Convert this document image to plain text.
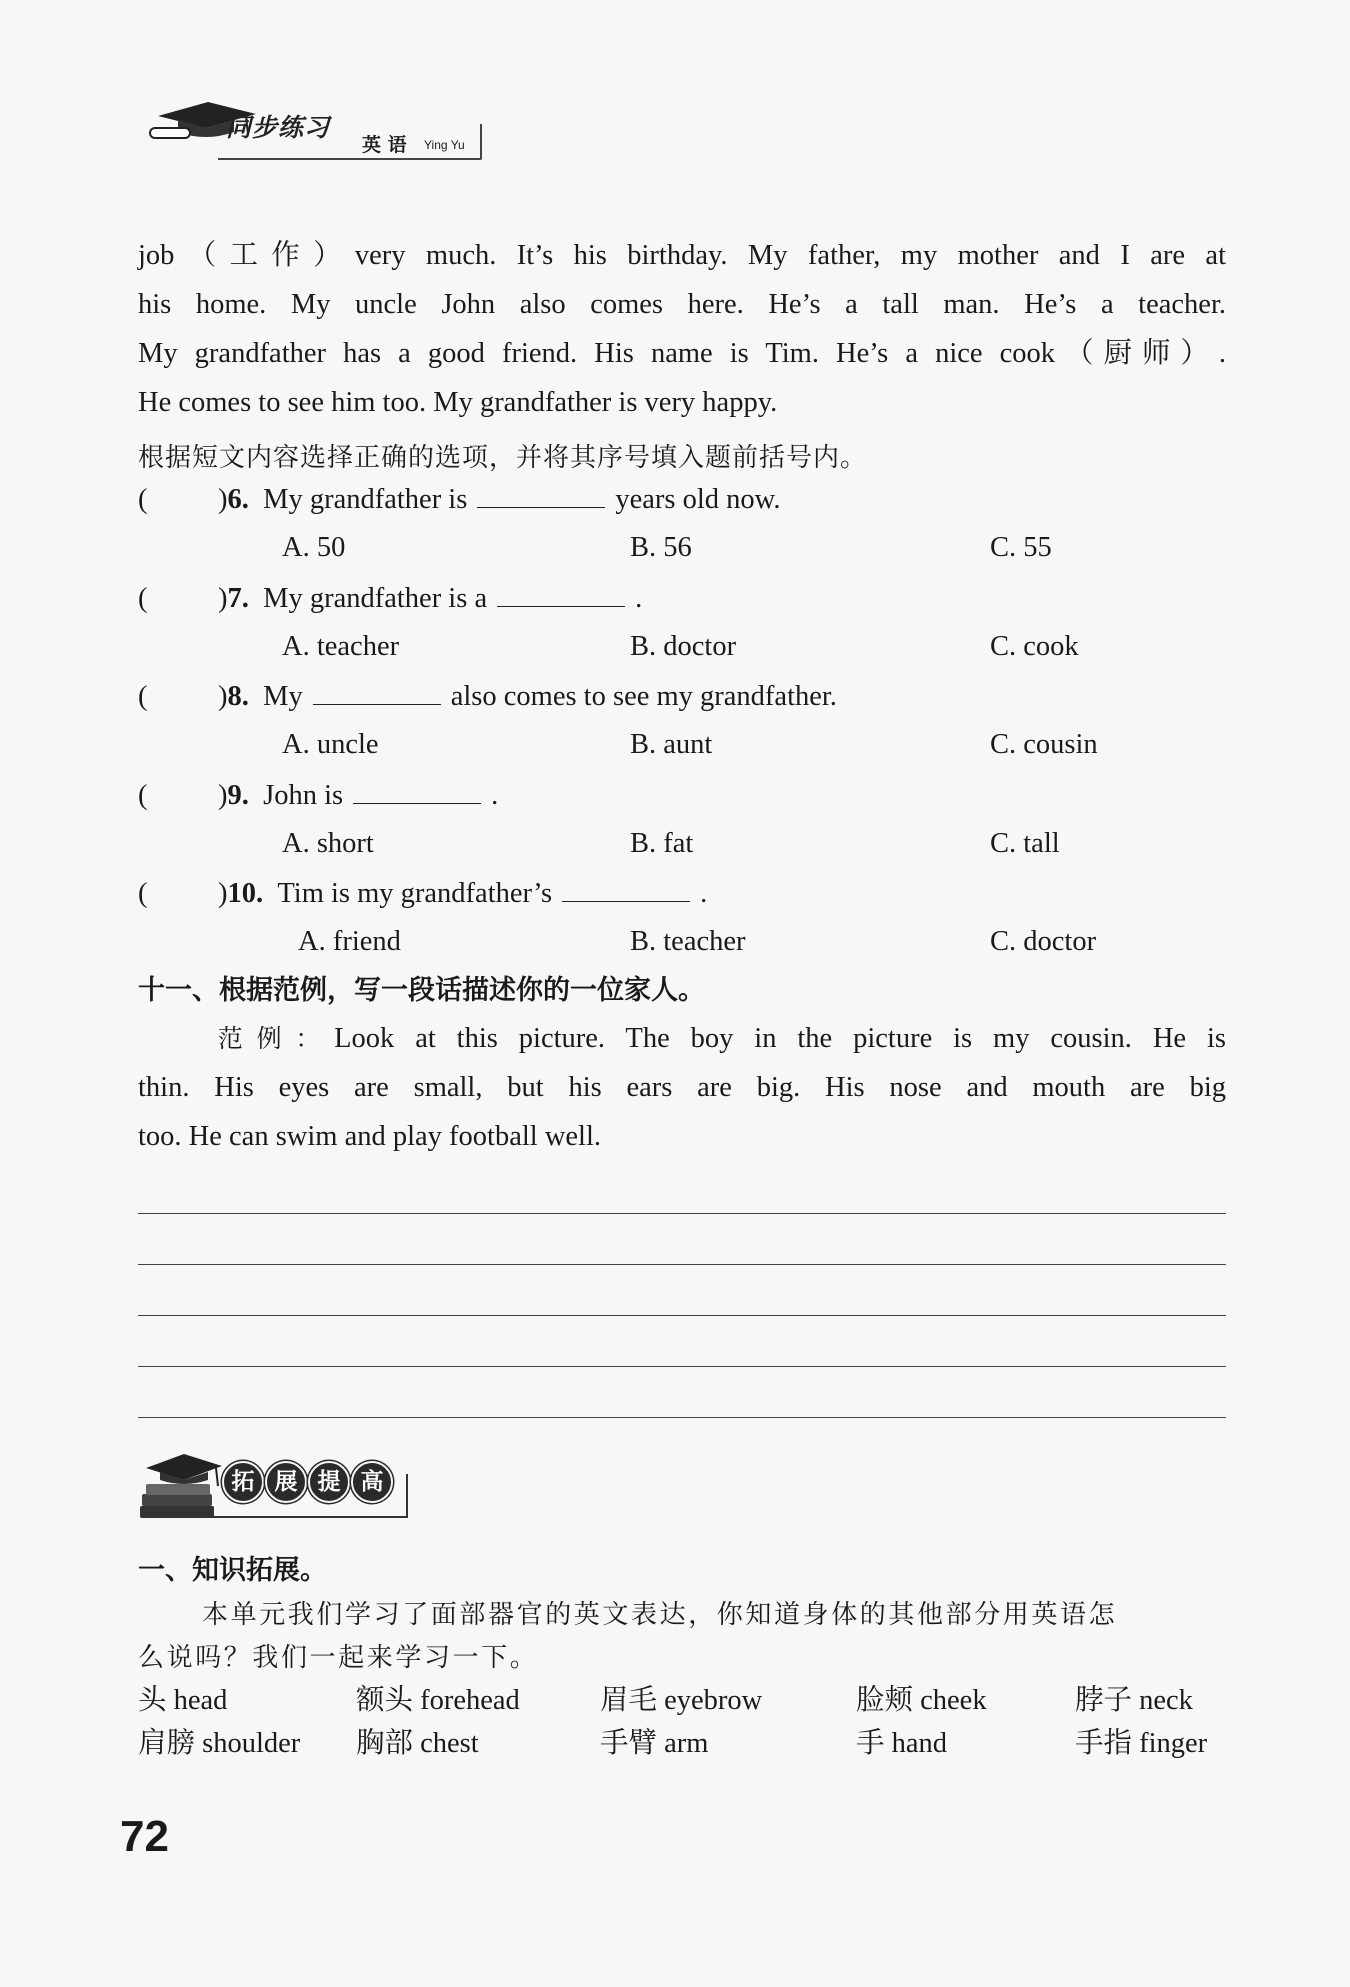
同步练习
英 语 Ying Yu
job（工作）very much. It’s his birthday. My father, my mother and I are at
his home. My uncle John also comes here. He’s a tall man. He’s a teacher.
My grandfather has a good friend. His name is Tim. He’s a nice cook（厨师）.
He comes to see him too. My grandfather is very happy.
根据短文内容选择正确的选项，并将其序号填入题前括号内。
( )6. My grandfather is	years old now.
A. 50	B. 56	C. 55
( )7. My grandfather is a	.
A. teacher	B. doctor	C. cook
( )8. My	also comes to see my grandfather.
A. uncle	B. aunt	C. cousin
( )9. John is	.
A. short	B. fat	C. tall
( )10. Tim is my grandfather’s	.
A. friend	B. teacher	C. doctor
十一、根据范例，写一段话描述你的一位家人。
范例：Look at this picture. The boy in the picture is my cousin. He is
thin. His eyes are small, but his ears are big. His nose and mouth are big
too. He can swim and play football well.
拓 展 提 高
一、知识拓展。
本单元我们学习了面部器官的英文表达，你知道身体的其他部分用英语怎
么说吗？我们一起来学习一下。
头 head	额头 forehead	眉毛 eyebrow	脸颊 cheek	脖子 neck
肩膀 shoulder 胸部 chest	手臂 arm	手 hand	手指 finger
72
